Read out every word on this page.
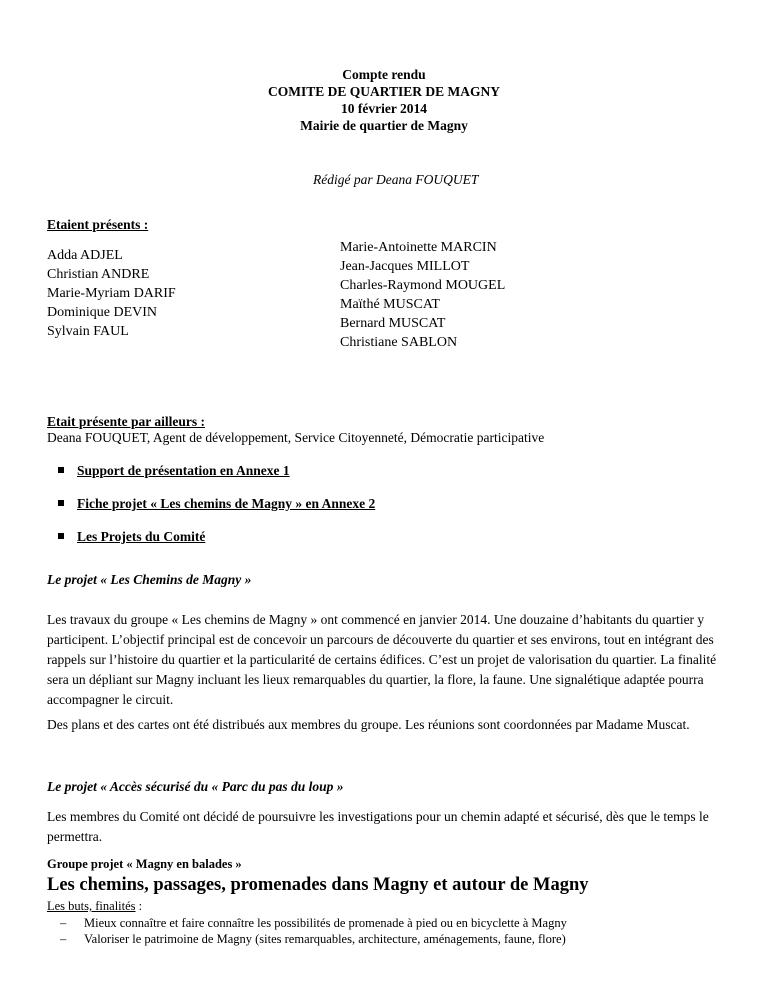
Compte rendu
COMITE DE QUARTIER DE MAGNY
10 février 2014
Mairie de quartier de Magny
Rédigé par Deana FOUQUET
Etaient présents :
Adda ADJEL
Christian ANDRE
Marie-Myriam DARIF
Dominique DEVIN
Sylvain FAUL
Marie-Antoinette MARCIN
Jean-Jacques MILLOT
Charles-Raymond MOUGEL
Maïthé MUSCAT
Bernard MUSCAT
Christiane SABLON
Etait présente par ailleurs :
Deana FOUQUET, Agent de développement, Service Citoyenneté, Démocratie participative
Support de présentation en Annexe 1
Fiche projet « Les chemins de Magny » en Annexe 2
Les Projets du Comité
Le projet « Les Chemins de Magny »
Les travaux du groupe « Les chemins de Magny » ont commencé en janvier 2014. Une douzaine d’habitants du quartier y participent. L’objectif principal est de concevoir un parcours de découverte du quartier et ses environs, tout en intégrant des rappels sur l’histoire du quartier et la particularité de certains édifices. C’est un projet de valorisation du quartier. La finalité sera un dépliant sur Magny incluant les lieux remarquables du quartier, la flore, la faune. Une signalétique adaptée pourra accompagner le circuit.
Des plans et des cartes ont été distribués aux membres du groupe. Les réunions sont coordonnées par Madame Muscat.
Le projet « Accès sécurisé du « Parc du pas du loup »
Les membres du Comité ont décidé de poursuivre les investigations pour un chemin adapté et sécurisé, dès que le temps le permettra.
Groupe projet « Magny en balades »
Les chemins, passages, promenades dans Magny et autour de Magny
Les buts, finalités :
– Mieux connaître et faire connaître les possibilités de promenade à pied ou en bicyclette à Magny
– Valoriser le patrimoine de Magny (sites remarquables, architecture, aménagements, faune, flore)
